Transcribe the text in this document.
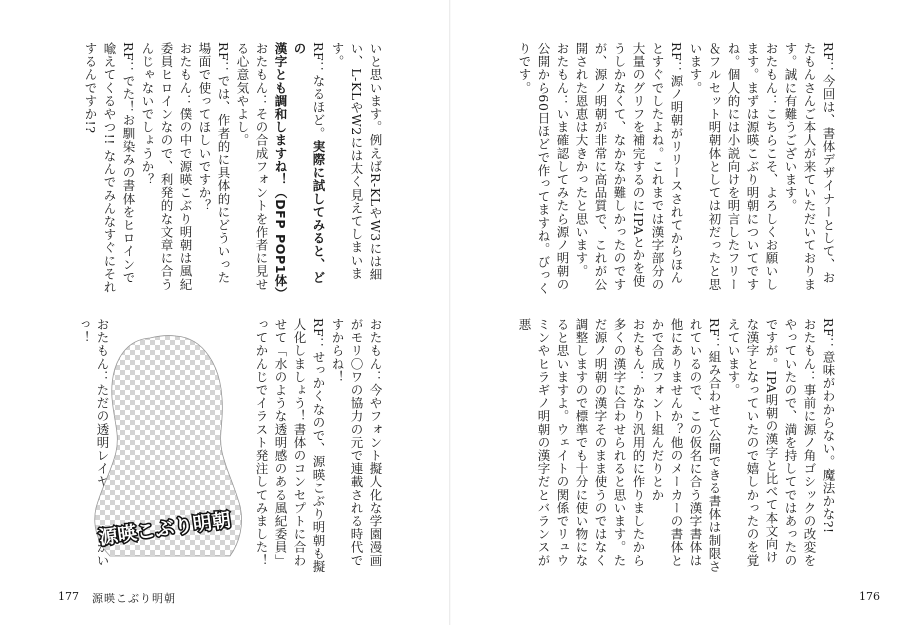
いと思います。例えばR-KLやW3には細

い、L-KLやW2には太く見えてしまいます。

RF：なるほど。実際に試してみると、どの

漢字とも調和しますね！（DFP POP1体）

おたもん：その合成フォントを作者に見せる心意気やよし。

RF：では、作者的に具体的にどういった場面で使ってほしいですか？

おたもん：僕の中で源暎こぶり明朝は風紀委員ヒロインなので、利発的な文章に合うんじゃないでしょうか？

RF：でた！お馴染みの書体をヒロインで喩えてくるやつ!! なんでみんなすぐにそれするんですか!?

おたもん：今やフォント擬人化な学園漫画がモリ〇ワの協力の元で連載される時代ですからね！

RF：せっかくなので、源暎こぶり明朝も擬人化しましょう！書体のコンセプトに合わせて「水のような透明感のある風紀委員」ってかんじでイラスト発注してみました！

おたもん：ただの透明レイヤーやないかいっ！

源暎こぶり明朝
177 源暎こぶり明朝

RF：今回は、書体デザイナーとして、おたもんさんご本人が来ていただいております。誠に有難うございます。

おたもん：こちらこそ、よろしくお願いします。まずは源暎こぶり明朝についてですね。個人的には小説向けを明言したフリー＆フルセット明朝体としては初だったと思います。

RF：源ノ明朝がリリースされてからほんとすぐでしたよね。これまでは漢字部分の大量のグリフを補完するのにIPAとかを使うしかなくて、なかなか難しかったのですが、源ノ明朝が非常に高品質で、これが公開された恩恵は大きかったと思います。

おたもん：いま確認してみたら源ノ明朝の公開から60日ほどで作ってますね。びっくりです。

RF：意味がわからない。魔法かな?!

おたもん：事前に源ノ角ゴシックの改変をやっていたので、満を持してではあったのですが。IPA明朝の漢字と比べて本文向けな漢字となっていたので嬉しかったのを覚えています。

RF：組み合わせて公開できる書体は制限されているので、この仮名に合う漢字書体は他にありませんか？他のメーカーの書体とかで合成フォント組んだりとか

おたもん：かなり汎用的に作りましたから多くの漢字に合わせられると思います。ただ源ノ明朝の漢字そのまま使うのではなく調整しますので標準でも十分に使い物になると思いますよ。ウェイトの関係でリュウミンやヒラギノ明朝の漢字だとバランスが悪

176
